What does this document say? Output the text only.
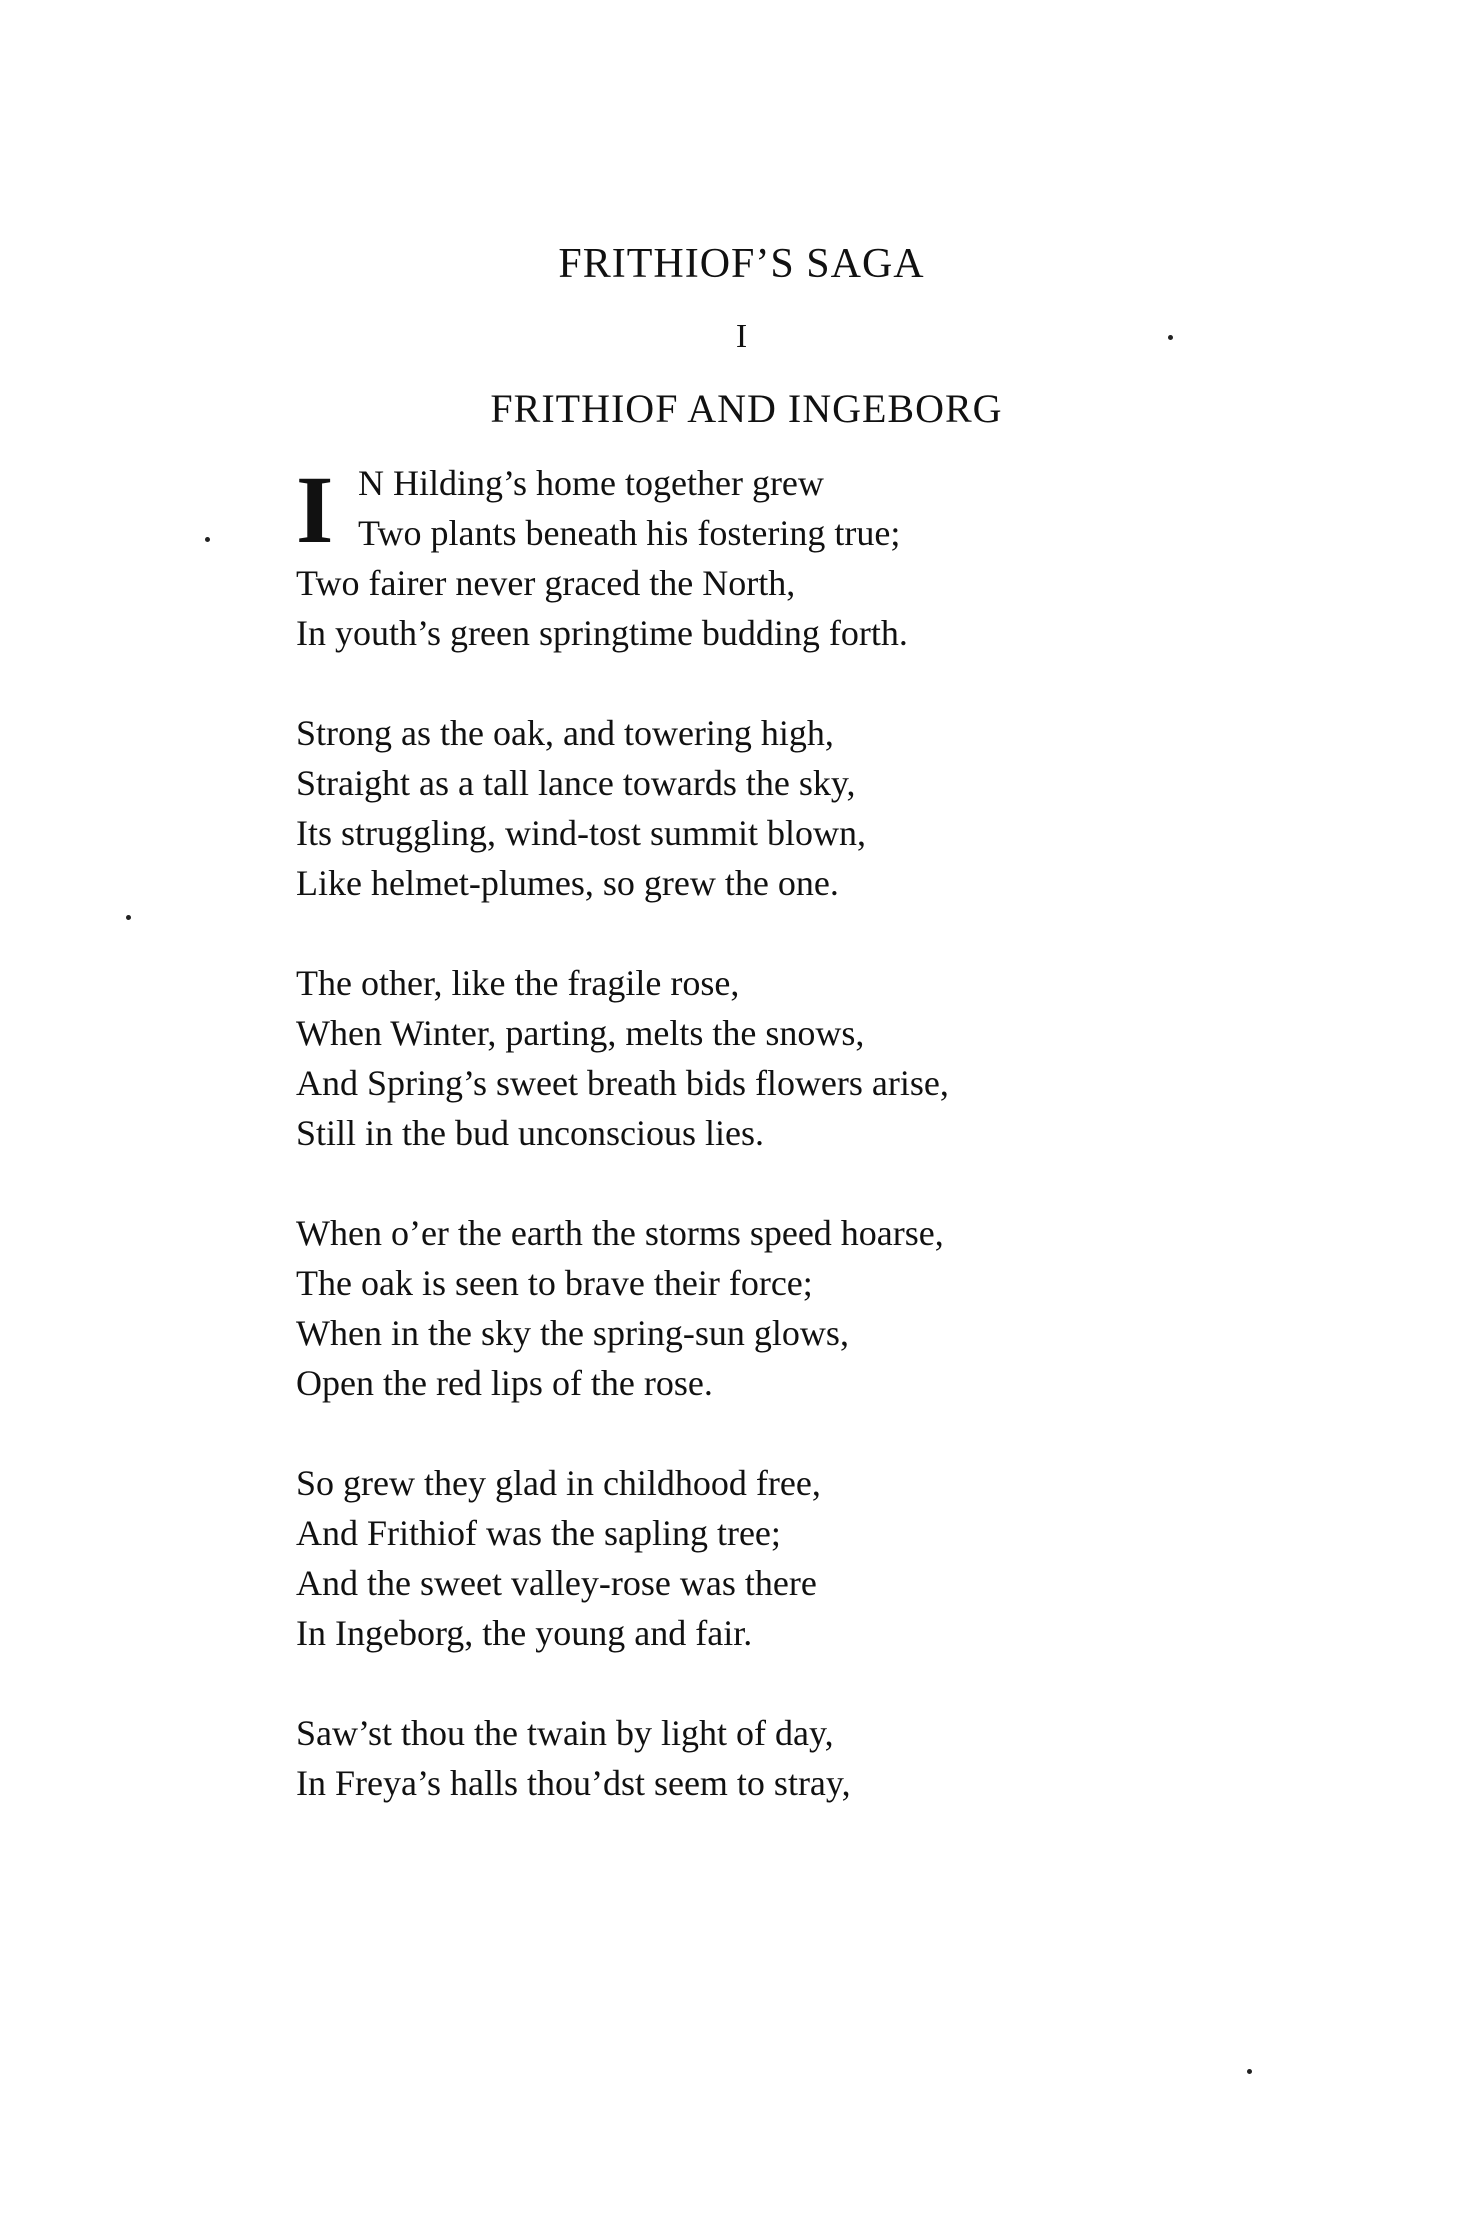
FRITHIOF’S SAGA
I
FRITHIOF AND INGEBORG
I N Hilding’s home together grew
Two plants beneath his fostering true;
Two fairer never graced the North,
In youth’s green springtime budding forth.
Strong as the oak, and towering high,
Straight as a tall lance towards the sky,
Its struggling, wind-tost summit blown,
Like helmet-plumes, so grew the one.
The other, like the fragile rose,
When Winter, parting, melts the snows,
And Spring’s sweet breath bids flowers arise,
Still in the bud unconscious lies.
When o’er the earth the storms speed hoarse,
The oak is seen to brave their force;
When in the sky the spring-sun glows,
Open the red lips of the rose.
So grew they glad in childhood free,
And Frithiof was the sapling tree;
And the sweet valley-rose was there
In Ingeborg, the young and fair.
Saw’st thou the twain by light of day,
In Freya’s halls thou’dst seem to stray,
